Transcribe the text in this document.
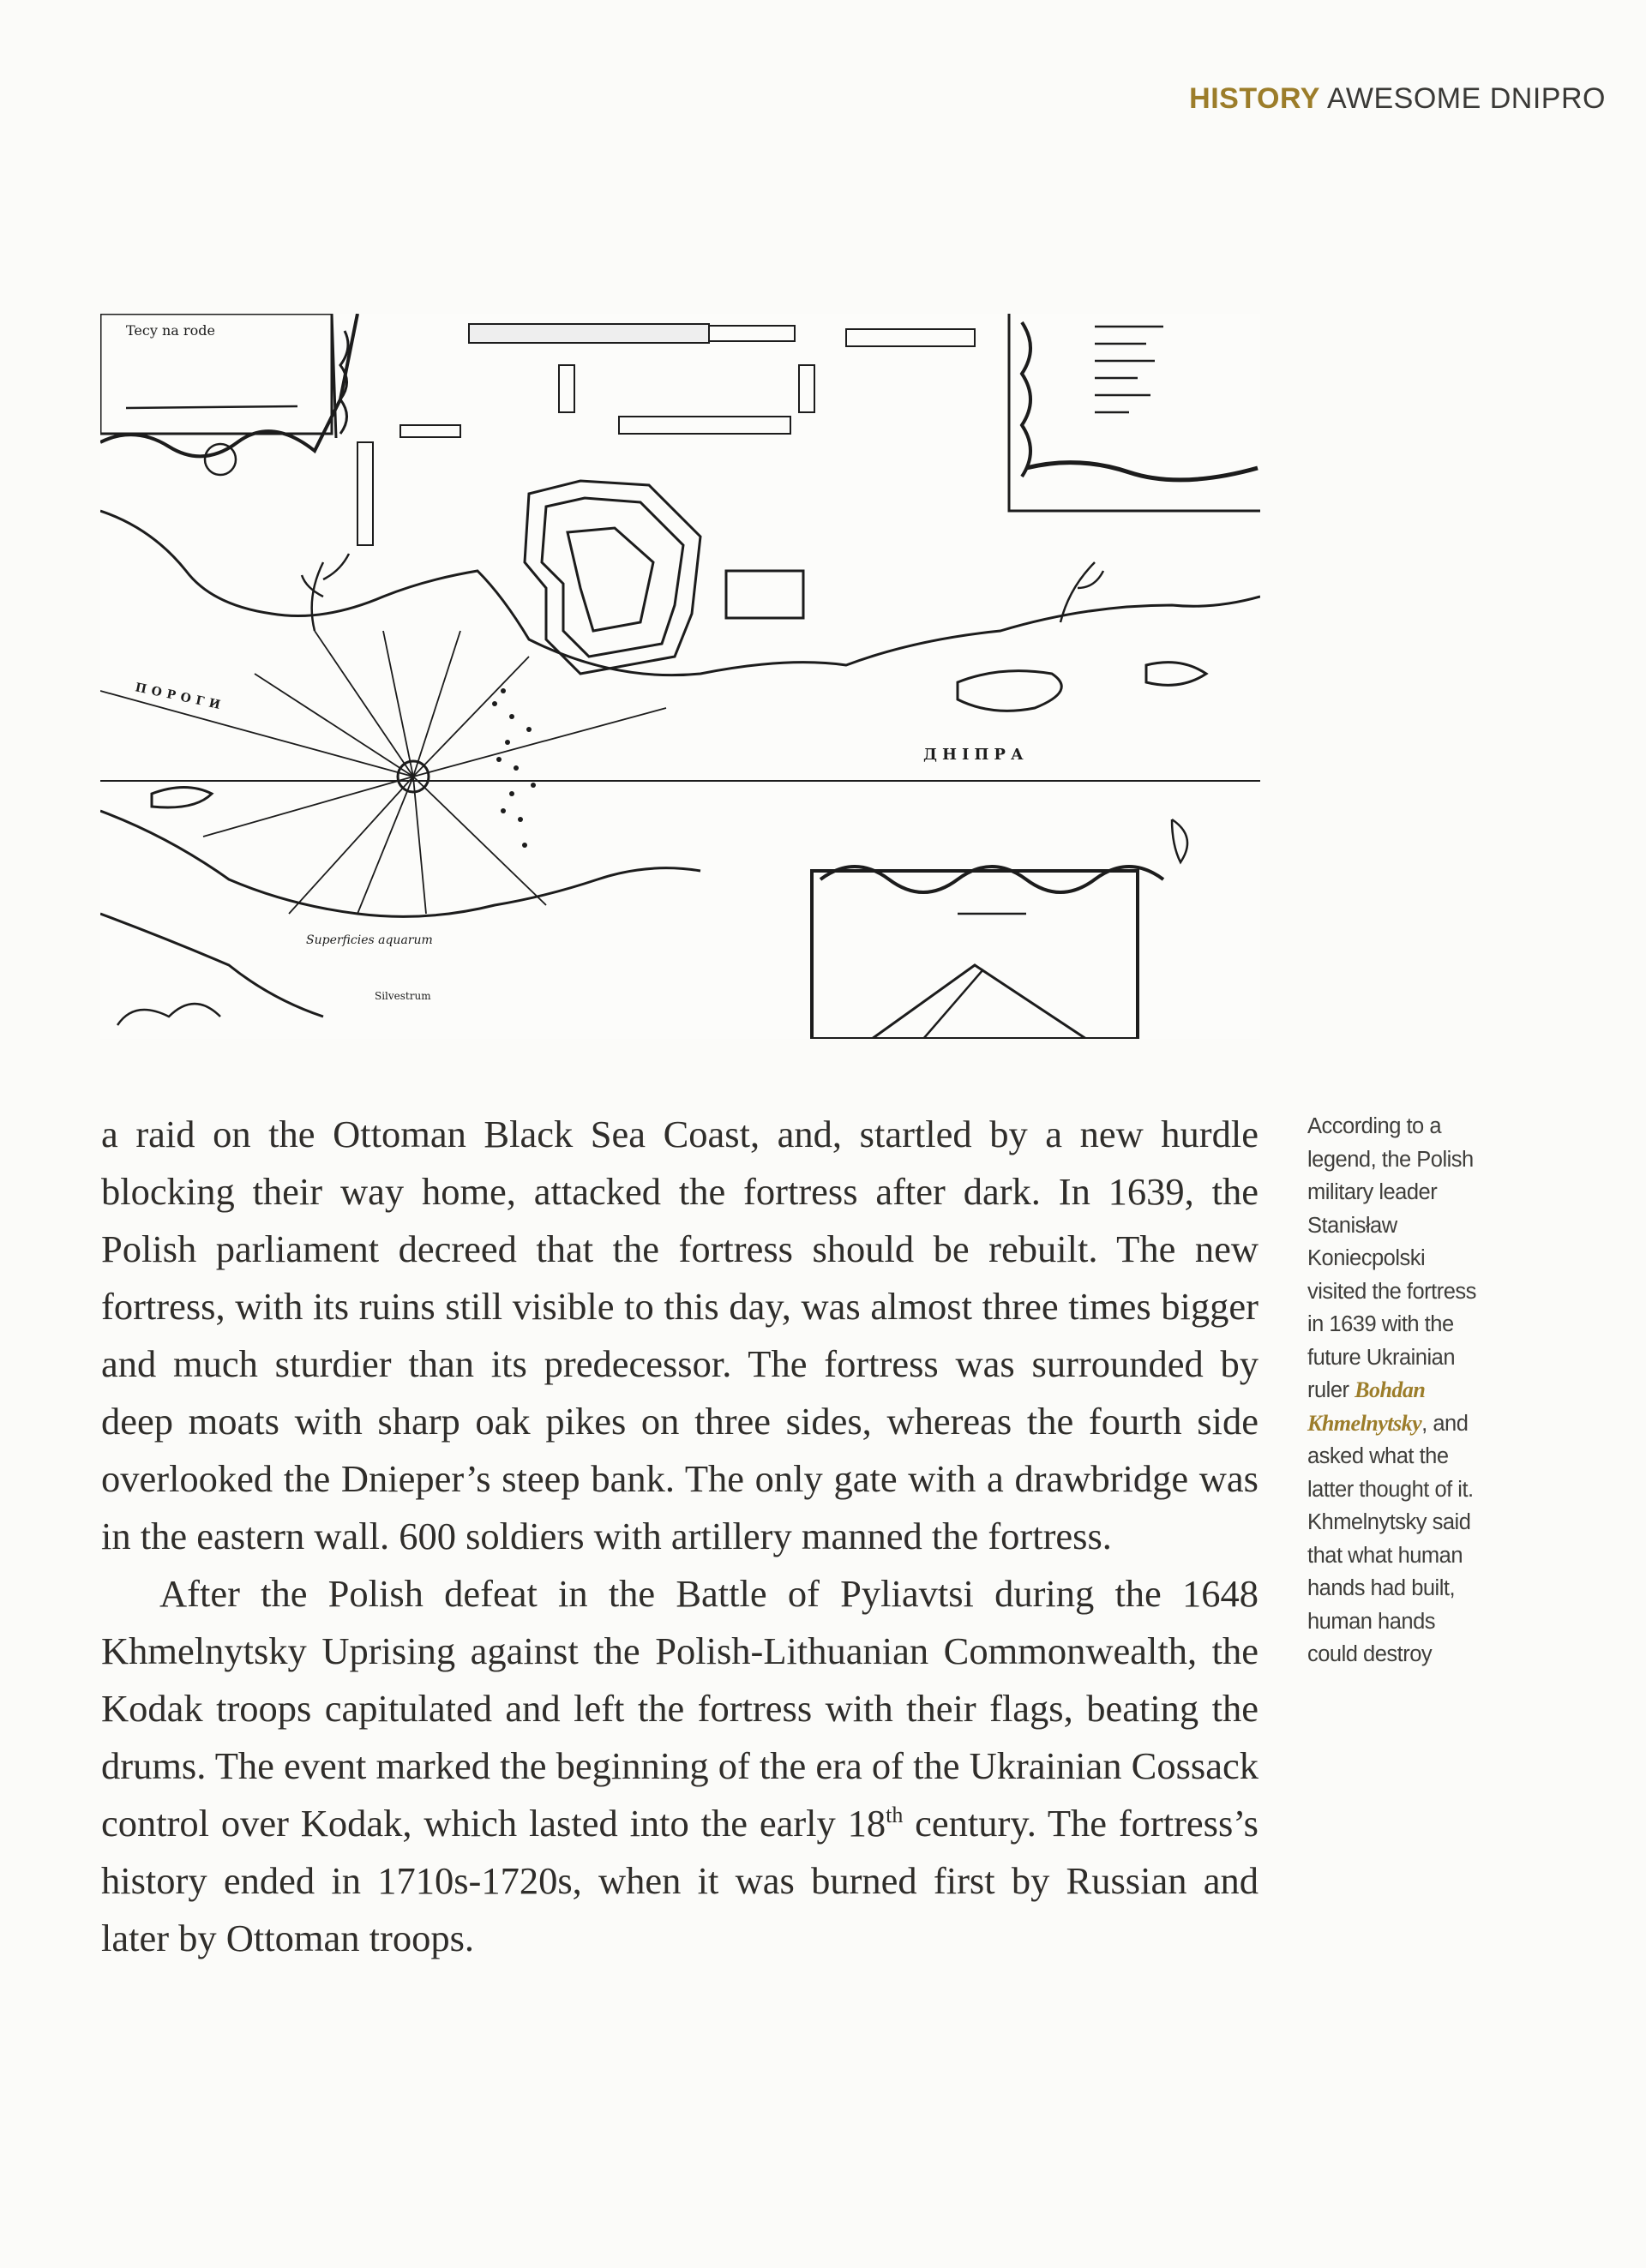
HISTORY AWESOME DNIPRO
Tecy na rode
ДНІПРА
ПОРОГИ
Superficies aquarum
Silvestrum

a raid on the Ottoman Black Sea Coast, and, startled by a new hurdle blocking their way home, attacked the fortress after dark. In 1639, the Polish parliament decreed that the fortress should be rebuilt. The new fortress, with its ruins still visible to this day, was almost three times bigger and much sturdier than its predecessor. The fortress was surrounded by deep moats with sharp oak pikes on three sides, whereas the fourth side overlooked the Dnieper’s steep bank. The only gate with a drawbridge was in the eastern wall. 600 soldiers with artillery manned the fortress.

After the Polish defeat in the Battle of Pyliavtsi during the 1648 Khmelnytsky Uprising against the Polish-Lithuanian Commonwealth, the Kodak troops capitulated and left the fortress with their flags, beating the drums. The event marked the beginning of the era of the Ukrainian Cossack control over Kodak, which lasted into the early 18th century. The fortress’s history ended in 1710s-1720s, when it was burned first by Russian and later by Ottoman troops.

According to a legend, the Polish military leader Stanisław Koniecpolski visited the fortress in 1639 with the future Ukrainian ruler Bohdan Khmelnytsky, and asked what the latter thought of it. Khmelnytsky said that what human hands had built, human hands could destroy
